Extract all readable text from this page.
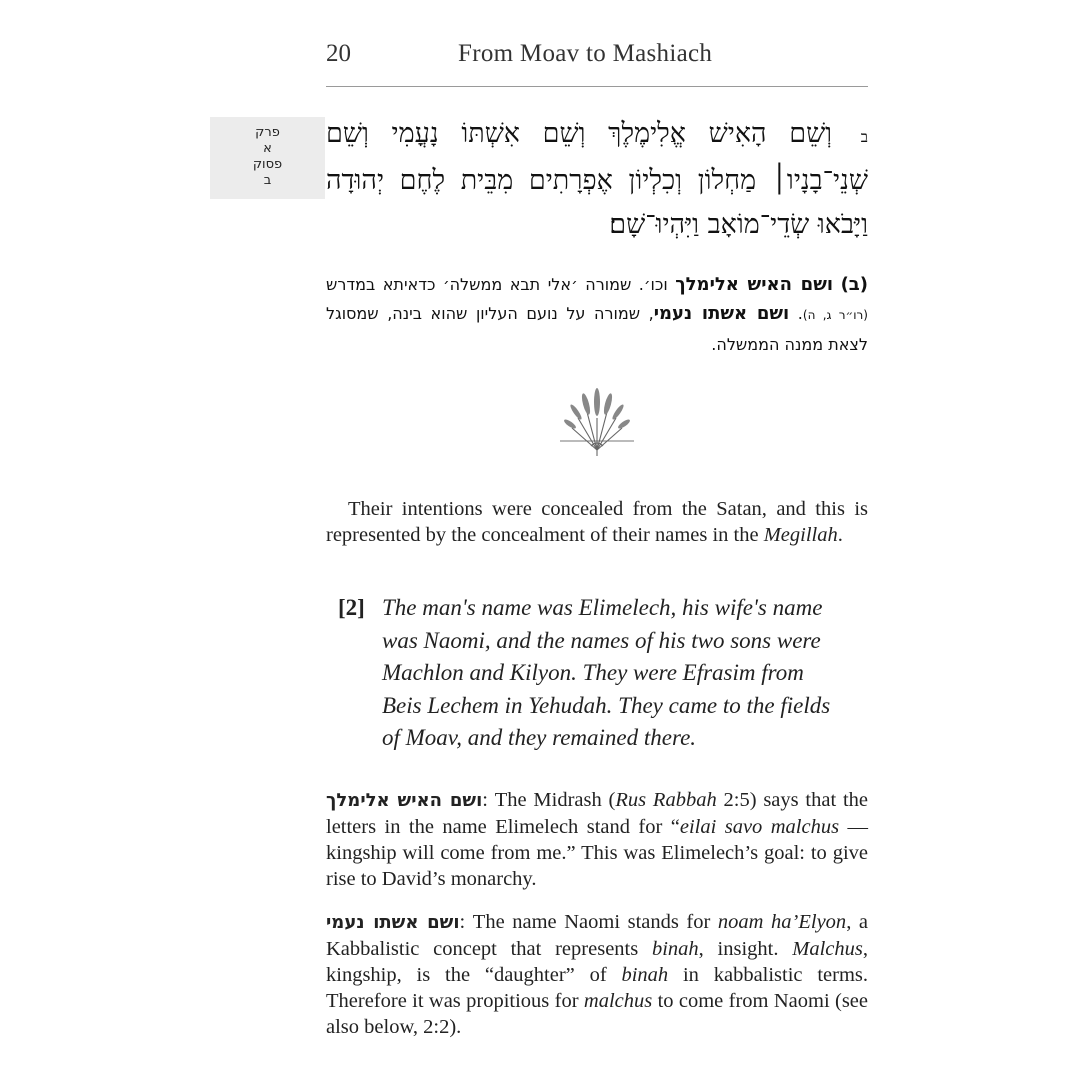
20	From Moav to Mashiach
פרק
א
פסוק
ב
ב וְשֵׁם הָאִישׁ אֱלִימֶלֶךְ וְשֵׁם אִשְׁתּוֹ נָעֳמִי וְשֵׁם שְׁנֵי־בָנָיו׀ מַחְלוֹן וְכִלְיוֹן אֶפְרָתִים מִבֵּית לֶחֶם יְהוּדָה וַיָּבֹאוּ שְׂדֵי־מוֹאָב וַיִּהְיוּ־שָׁם׃
(ב) ושם האיש אלימלך וכו׳. שמורה ׳אלי תבא ממשלה׳ כדאיתא במדרש (רו״ר ג, ה). ושם אשתו נעמי, שמורה על נועם העליון שהוא בינה, שמסוגל לצאת ממנה הממשלה.
Their intentions were concealed from the Satan, and this is represented by the concealment of their names in the Megillah.
[2] The man's name was Elimelech, his wife's name was Naomi, and the names of his two sons were Machlon and Kilyon. They were Efrasim from Beis Lechem in Yehudah. They came to the fields of Moav, and they remained there.
ושם האיש אלימלך: The Midrash (Rus Rabbah 2:5) says that the letters in the name Elimelech stand for “eilai savo malchus — kingship will come from me.” This was Elimelech’s goal: to give rise to David’s monarchy.
ושם אשתו נעמי: The name Naomi stands for noam ha’Elyon, a Kabbalistic concept that represents binah, insight. Malchus, kingship, is the “daughter” of binah in kabbalistic terms. Therefore it was propitious for malchus to come from Naomi (see also below, 2:2).
